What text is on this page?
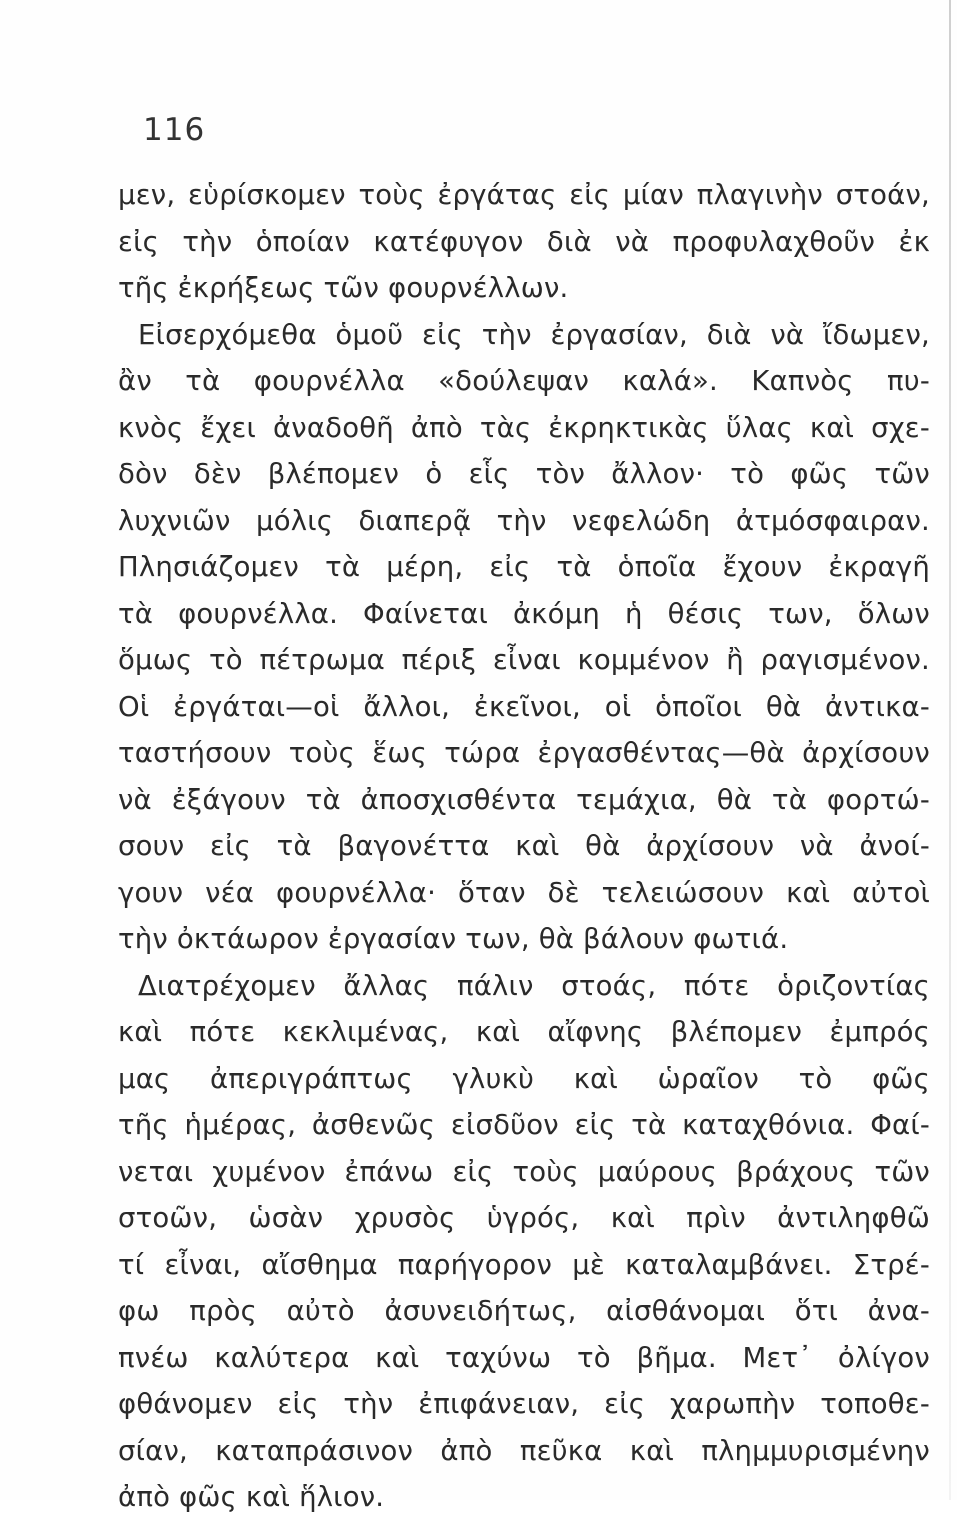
116
μεν, εὑρίσκομεν τοὺς ἐργάτας εἰς μίαν πλαγινὴν στοάν,
εἰς τὴν ὁποίαν κατέφυγον διὰ νὰ προφυλαχθοῦν ἐκ
τῆς ἐκρήξεως τῶν φουρνέλλων.
Εἰσερχόμεθα ὁμοῦ εἰς τὴν ἐργασίαν, διὰ νὰ ἴδωμεν,
ἂν τὰ φουρνέλλα «δούλεψαν καλά». Καπνὸς πυ-
κνὸς ἔχει ἀναδοθῆ ἀπὸ τὰς ἐκρηκτικὰς ὕλας καὶ σχε-
δὸν δὲν βλέπομεν ὁ εἷς τὸν ἄλλον· τὸ φῶς τῶν
λυχνιῶν μόλις διαπερᾷ τὴν νεφελώδη ἀτμόσφαιραν.
Πλησιάζομεν τὰ μέρη, εἰς τὰ ὁποῖα ἔχουν ἐκραγῆ
τὰ φουρνέλλα. Φαίνεται ἀκόμη ἡ θέσις των, ὅλων
ὅμως τὸ πέτρωμα πέριξ εἶναι κομμένον ἢ ραγισμένον.
Οἱ ἐργάται—οἱ ἄλλοι, ἐκεῖνοι, οἱ ὁποῖοι θὰ ἀντικα-
ταστήσουν τοὺς ἕως τώρα ἐργασθέντας—θὰ ἀρχίσουν
νὰ ἐξάγουν τὰ ἀποσχισθέντα τεμάχια, θὰ τὰ φορτώ-
σουν εἰς τὰ βαγονέττα καὶ θὰ ἀρχίσουν νὰ ἀνοί-
γουν νέα φουρνέλλα· ὅταν δὲ τελειώσουν καὶ αὐτοὶ
τὴν ὀκτάωρον ἐργασίαν των, θὰ βάλουν φωτιά.
Διατρέχομεν ἄλλας πάλιν στοάς, πότε ὁριζοντίας
καὶ πότε κεκλιμένας, καὶ αἴφνης βλέπομεν ἐμπρός
μας ἀπεριγράπτως γλυκὺ καὶ ὡραῖον τὸ φῶς
τῆς ἡμέρας, ἀσθενῶς εἰσδῦον εἰς τὰ καταχθόνια. Φαί-
νεται χυμένον ἐπάνω εἰς τοὺς μαύρους βράχους τῶν
στοῶν, ὡσὰν χρυσὸς ὑγρός, καὶ πρὶν ἀντιληφθῶ
τί εἶναι, αἴσθημα παρήγορον μὲ καταλαμβάνει. Στρέ-
φω πρὸς αὐτὸ ἀσυνειδήτως, αἰσθάνομαι ὅτι ἀνα-
πνέω καλύτερα καὶ ταχύνω τὸ βῆμα. Μετ᾽ ὀλίγον
φθάνομεν εἰς τὴν ἐπιφάνειαν, εἰς χαρωπὴν τοποθε-
σίαν, καταπράσινον ἀπὸ πεῦκα καὶ πλημμυρισμένην
ἀπὸ φῶς καὶ ἥλιον.
